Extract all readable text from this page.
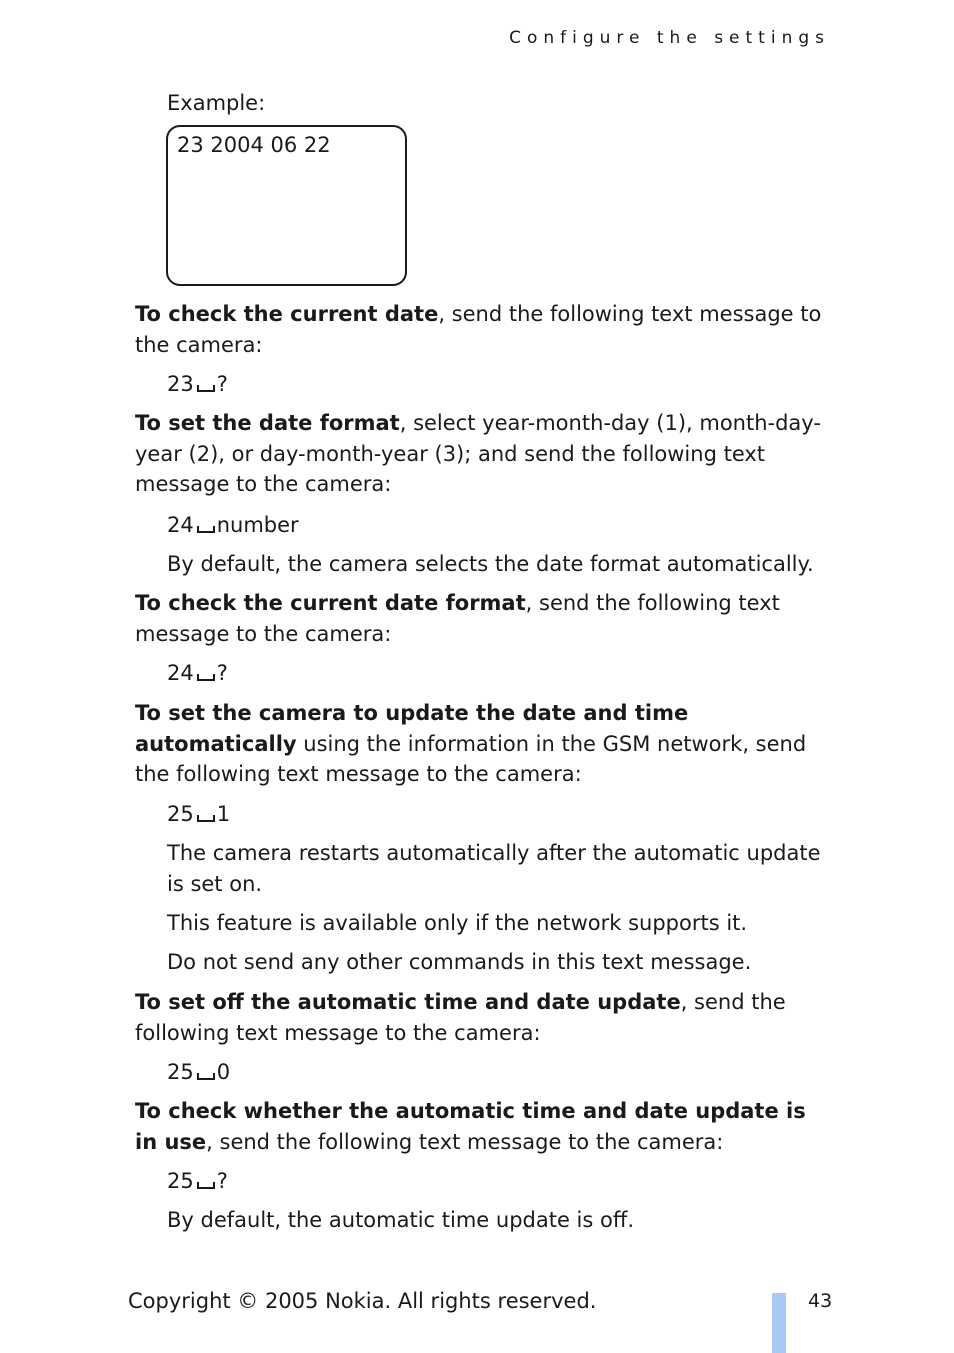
Configure the settings
Example:
23 2004 06 22
To check the current date, send the following text message to the camera:
23 ?
To set the date format, select year-month-day (1), month-day-year (2), or day-month-year (3); and send the following text message to the camera:
24 number
By default, the camera selects the date format automatically.
To check the current date format, send the following text message to the camera:
24 ?
To set the camera to update the date and time automatically using the information in the GSM network, send the following text message to the camera:
25 1
The camera restarts automatically after the automatic update is set on.
This feature is available only if the network supports it.
Do not send any other commands in this text message.
To set off the automatic time and date update, send the following text message to the camera:
25 0
To check whether the automatic time and date update is in use, send the following text message to the camera:
25 ?
By default, the automatic time update is off.
Copyright © 2005 Nokia. All rights reserved.	43
